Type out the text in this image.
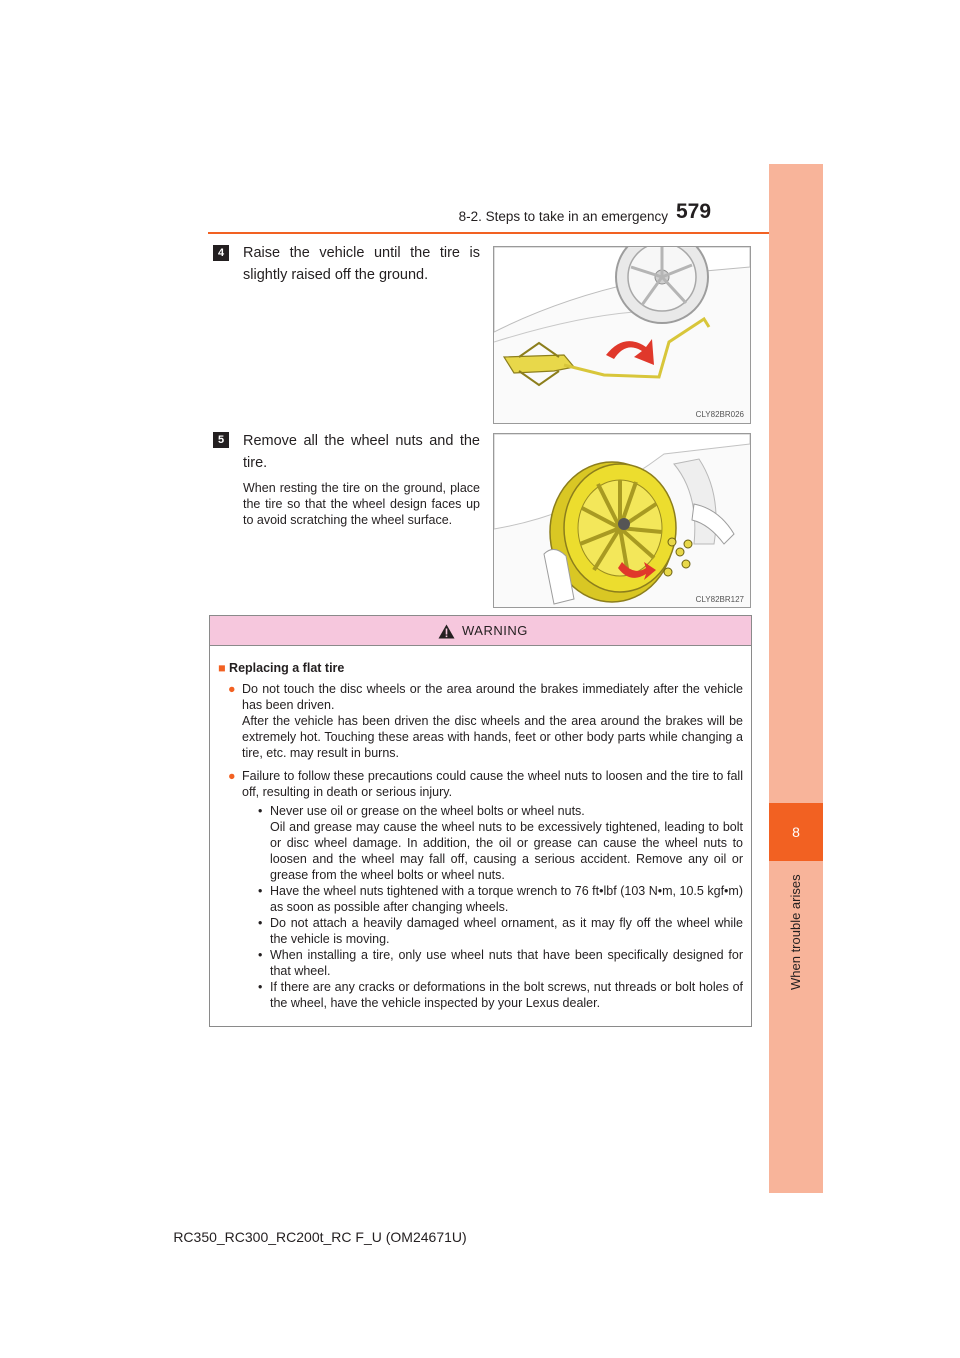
8-2. Steps to take in an emergency 579
8
When trouble arises
4	Raise the vehicle until the tire is slightly raised off the ground.
CLY82BR026
5	Remove all the wheel nuts and the tire.
When resting the tire on the ground, place the tire so that the wheel design faces up to avoid scratching the wheel surface.
CLY82BR127
WARNING
■ Replacing a flat tire
● Do not touch the disc wheels or the area around the brakes immediately after the vehicle has been driven.
After the vehicle has been driven the disc wheels and the area around the brakes will be extremely hot. Touching these areas with hands, feet or other body parts while changing a tire, etc. may result in burns.
● Failure to follow these precautions could cause the wheel nuts to loosen and the tire to fall off, resulting in death or serious injury.
• Never use oil or grease on the wheel bolts or wheel nuts.
Oil and grease may cause the wheel nuts to be excessively tightened, leading to bolt or disc wheel damage. In addition, the oil or grease can cause the wheel nuts to loosen and the wheel may fall off, causing a serious accident. Remove any oil or grease from the wheel bolts or wheel nuts.
• Have the wheel nuts tightened with a torque wrench to 76 ft•lbf (103 N•m, 10.5 kgf•m) as soon as possible after changing wheels.
• Do not attach a heavily damaged wheel ornament, as it may fly off the wheel while the vehicle is moving.
• When installing a tire, only use wheel nuts that have been specifically designed for that wheel.
• If there are any cracks or deformations in the bolt screws, nut threads or bolt holes of the wheel, have the vehicle inspected by your Lexus dealer.
RC350_RC300_RC200t_RC F_U (OM24671U)
